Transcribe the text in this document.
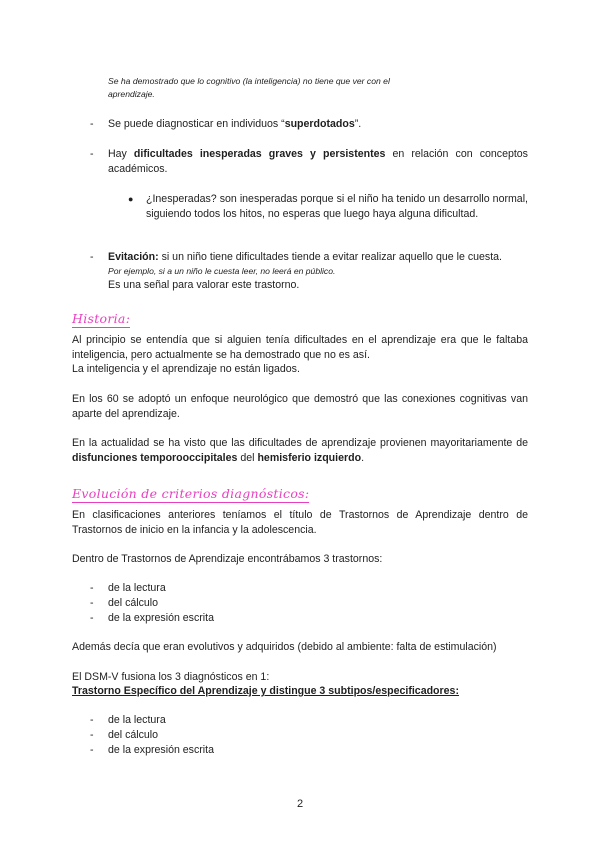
Se ha demostrado que lo cognitivo (la inteligencia) no tiene que ver con el
aprendizaje.
- Se puede diagnosticar en individuos “superdotados”.
- Hay dificultades inesperadas graves y persistentes en relación con conceptos académicos.
● ¿Inesperadas? son inesperadas porque si el niño ha tenido un desarrollo normal, siguiendo todos los hitos, no esperas que luego haya alguna dificultad.
- Evitación: si un niño tiene dificultades tiende a evitar realizar aquello que le cuesta.
Por ejemplo, si a un niño le cuesta leer, no leerá en público.
Es una señal para valorar este trastorno.
Historia:
Al principio se entendía que si alguien tenía dificultades en el aprendizaje era que le faltaba inteligencia, pero actualmente se ha demostrado que no es así.
La inteligencia y el aprendizaje no están ligados.
En los 60 se adoptó un enfoque neurológico que demostró que las conexiones cognitivas van aparte del aprendizaje.
En la actualidad se ha visto que las dificultades de aprendizaje provienen mayoritariamente de disfunciones temporooccipitales del hemisferio izquierdo.
Evolución de criterios diagnósticos:
En clasificaciones anteriores teníamos el título de Trastornos de Aprendizaje dentro de Trastornos de inicio en la infancia y la adolescencia.
Dentro de Trastornos de Aprendizaje encontrábamos 3 trastornos:
- de la lectura
- del cálculo
- de la expresión escrita
Además decía que eran evolutivos y adquiridos (debido al ambiente: falta de estimulación)
El DSM-V fusiona los 3 diagnósticos en 1:
Trastorno Específico del Aprendizaje y distingue 3 subtipos/especificadores:
- de la lectura
- del cálculo
- de la expresión escrita
2
